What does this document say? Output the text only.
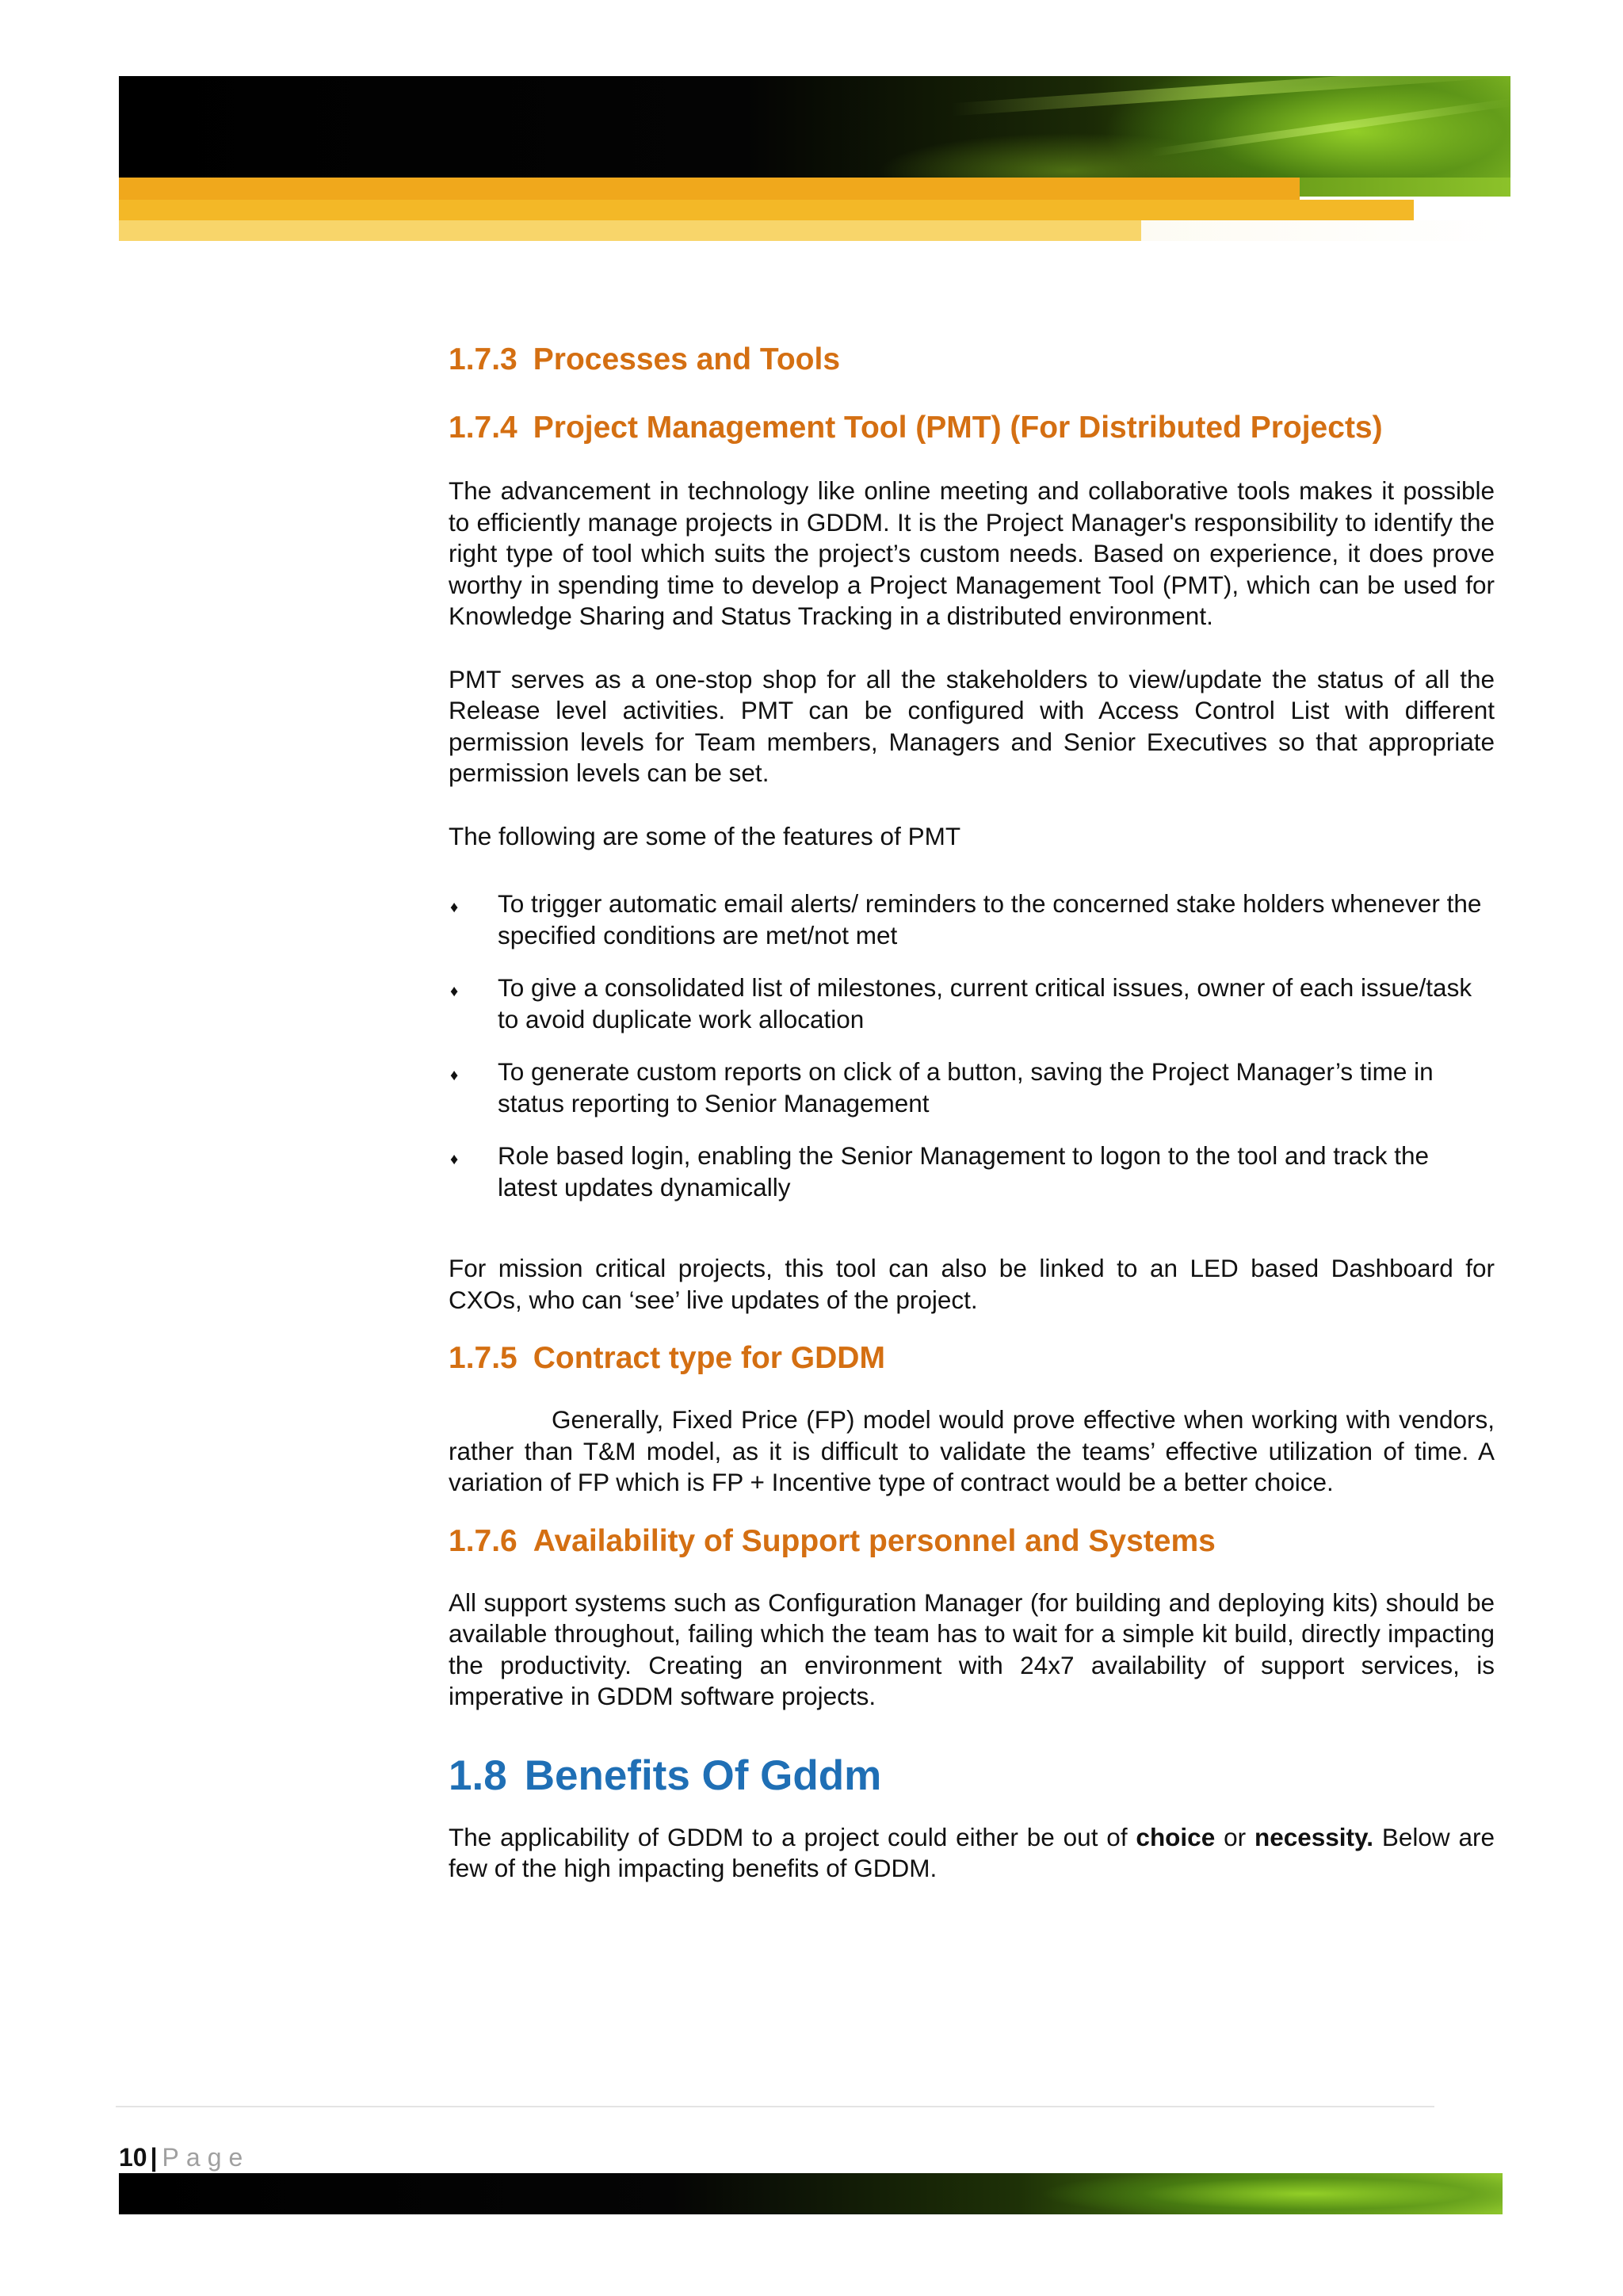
1.7.3 Processes and Tools
1.7.4 Project Management Tool (PMT) (For Distributed Projects)

The advancement in technology like online meeting and collaborative tools makes it possible to efficiently manage projects in GDDM. It is the Project Manager's responsibility to identify the right type of tool which suits the project’s custom needs. Based on experience, it does prove worthy in spending time to develop a Project Management Tool (PMT), which can be used for Knowledge Sharing and Status Tracking in a distributed environment.

PMT serves as a one-stop shop for all the stakeholders to view/update the status of all the Release level activities. PMT can be configured with Access Control List with different permission levels for Team members, Managers and Senior Executives so that appropriate permission levels can be set.

The following are some of the features of PMT

♦ To trigger automatic email alerts/ reminders to the concerned stake holders whenever the specified conditions are met/not met
♦ To give a consolidated list of milestones, current critical issues, owner of each issue/task to avoid duplicate work allocation
♦ To generate custom reports on click of a button, saving the Project Manager’s time in status reporting to Senior Management
♦ Role based login, enabling the Senior Management to logon to the tool and track the latest updates dynamically

For mission critical projects, this tool can also be linked to an LED based Dashboard for CXOs, who can ‘see’ live updates of the project.

1.7.5 Contract type for GDDM

Generally, Fixed Price (FP) model would prove effective when working with vendors, rather than T&M model, as it is difficult to validate the teams’ effective utilization of time. A variation of FP which is FP + Incentive type of contract would be a better choice.

1.7.6 Availability of Support personnel and Systems

All support systems such as Configuration Manager (for building and deploying kits) should be available throughout, failing which the team has to wait for a simple kit build, directly impacting the productivity. Creating an environment with 24x7 availability of support services, is imperative in GDDM software projects.

1.8 Benefits Of Gddm

The applicability of GDDM to a project could either be out of choice or necessity. Below are few of the high impacting benefits of GDDM.

10 | Page
